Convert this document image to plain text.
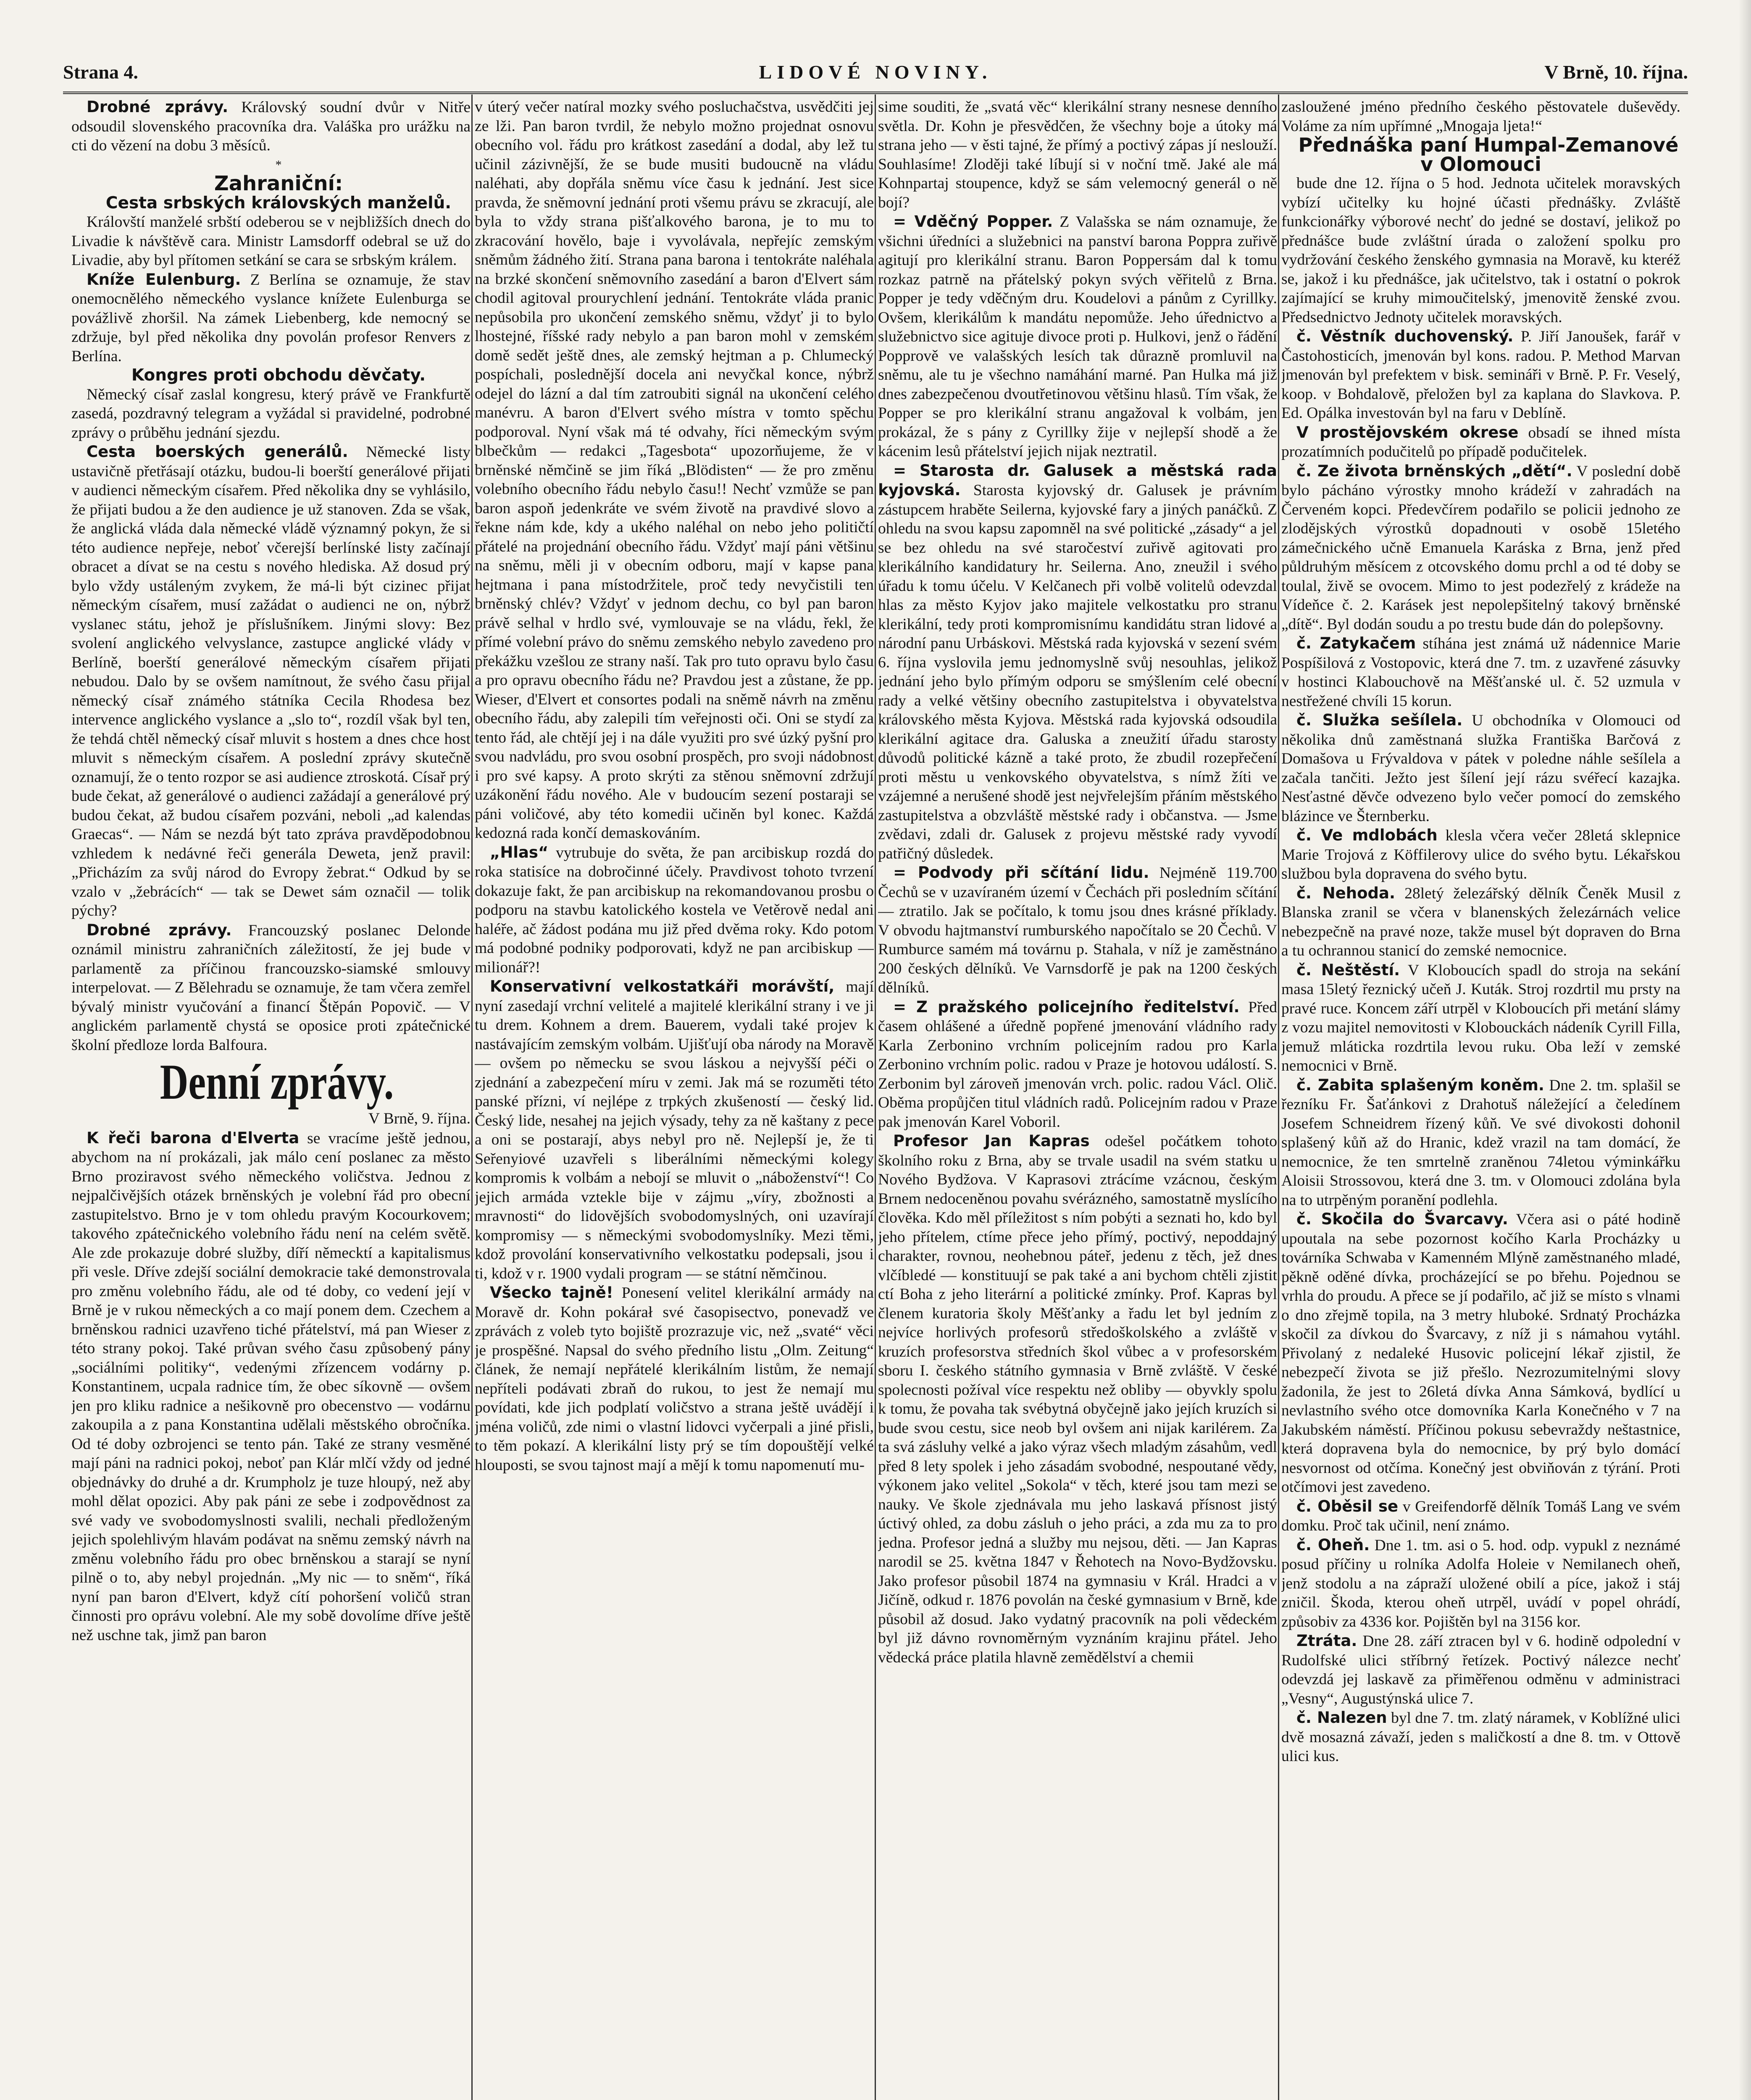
Strana 4.	LIDOVÉ NOVINY.	V Brně, 10. října.

Drobné zprávy. Královský soudní dvůr v Nitře odsoudil slovenského pracovníka dra. Valáška pro urážku na cti do vězení na dobu 3 měsíců.

*

Zahraniční:

Cesta srbských královských manželů.

Královští manželé srbští odeberou se v nejbližších dnech do Livadie k návštěvě cara. Ministr Lamsdorff odebral se už do Livadie, aby byl přítomen setkání se cara se srbským králem.

Kníže Eulenburg. Z Berlína se oznamuje, že stav onemocnělého německého vyslance knížete Eulenburga se povážlivě zhoršil. Na zámek Liebenberg, kde nemocný se zdržuje, byl před několika dny povolán profesor Renvers z Berlína.

Kongres proti obchodu děvčaty.

Německý císař zaslal kongresu, který právě ve Frankfurtě zasedá, pozdravný telegram a vyžádal si pravidelné, podrobné zprávy o průběhu jednání sjezdu.

Cesta boerských generálů. Německé listy ustavičně přetřásají otázku, budou-li boerští generálové přijati v audienci německým císařem. Před několika dny se vyhlásilo, že přijati budou a že den audience je už stanoven. Zda se však, že anglická vláda dala německé vládě významný pokyn, že si této audience nepřeje, neboť včerejší berlínské listy začínají obracet a dívat se na cestu s nového hlediska. Až dosud prý bylo vždy ustáleným zvykem, že má-li být cizinec přijat německým císařem, musí zažádat o audienci ne on, nýbrž vyslanec státu, jehož je příslušníkem. Jinými slovy: Bez svolení anglického velvyslance, zastupce anglické vlády v Berlíně, boerští generálové německým císařem přijati nebudou. Dalo by se ovšem namítnout, že svého času přijal německý císař známého státníka Cecila Rhodesa bez intervence anglického vyslance a „slo to“, rozdíl však byl ten, že tehdá chtěl německý císař mluvit s hostem a dnes chce host mluvit s německým císařem. A poslední zprávy skutečně oznamují, že o tento rozpor se asi audience ztroskotá. Císař prý bude čekat, až generálové o audienci zažádají a generálové prý budou čekat, až budou císařem pozváni, neboli „ad kalendas Graecas“. — Nám se nezdá být tato zpráva pravděpodobnou vzhledem k nedávné řeči generála Deweta, jenž pravil: „Přicházím za svůj národ do Evropy žebrat.“ Odkud by se vzalo v „žebrácích“ — tak se Dewet sám označil — tolik pýchy?

Drobné zprávy. Francouzský poslanec Delonde oznámil ministru zahraničních záležitostí, že jej bude v parlamentě za příčinou francouzsko-siamské smlouvy interpelovat. — Z Bělehradu se oznamuje, že tam včera zemřel bývalý ministr vyučování a financí Štěpán Popovič. — V anglickém parlamentě chystá se oposice proti zpátečnické školní předloze lorda Balfoura.

Denní zprávy.

V Brně, 9. října.

K řeči barona d'Elverta se vracíme ještě jednou, abychom na ní prokázali, jak málo cení poslanec za město Brno proziravost svého německého voličstva. Jednou z nejpalčivějších otázek brněnských je volební řád pro obecní zastupitelstvo. Brno je v tom ohledu pravým Kocourkovem; takového zpátečnického volebního řádu není na celém světě. Ale zde prokazuje dobré služby, díří německtí a kapitalismus při vesle. Dříve zdejší sociální demokracie také demonstrovala pro změnu volebního řádu, ale od té doby, co vedení její v Brně je v rukou německých a co mají ponem dem. Czechem a brněnskou radnici uzavřeno tiché přátelství, má pan Wieser z této strany pokoj. Také průvan svého času způsobený pány „sociálními politiky“, vedenými zřízencem vodárny p. Konstantinem, ucpala radnice tím, že obec síkovně — ovšem jen pro kliku radnice a nešikovně pro obecenstvo — vodárnu zakoupila a z pana Konstantina udělali městského obročníka. Od té doby ozbrojenci se tento pán. Také ze strany vesměné mají páni na radnici pokoj, neboť pan Klár mlčí vždy od jedné objednávky do druhé a dr. Krumpholz je tuze hloupý, než aby mohl dělat opozici. Aby pak páni ze sebe i zodpovědnost za své vady ve svobodomyslnosti svalili, nechali předloženým jejich spolehlivým hlavám podávat na sněmu zemský návrh na změnu volebního řádu pro obec brněnskou a starají se nyní pilně o to, aby nebyl projednán. „My nic — to sněm“, říká nyní pan baron d'Elvert, když cítí pohoršení voličů stran činnosti pro oprávu volební. Ale my sobě dovolíme dříve ještě než uschne tak, jimž pan baron

v úterý večer natíral mozky svého posluchačstva, usvědčiti jej ze lži. Pan baron tvrdil, že nebylo možno projednat osnovu obecního vol. řádu pro krátkost zasedání a dodal, aby lež tu učinil zázivnější, že se bude musiti budoucně na vládu naléhati, aby dopřála sněmu více času k jednání. Jest sice pravda, že sněmovní jednání proti všemu právu se zkracují, ale byla to vždy strana pišťalkového barona, je to mu to zkracování hovělo, baje i vyvolávala, nepřejíc zemským sněmům žádného žití. Strana pana barona i tentokráte naléhala na brzké skončení sněmovního zasedání a baron d'Elvert sám chodil agitoval prourychlení jednání. Tentokráte vláda pranic nepůsobila pro ukončení zemského sněmu, vždyť ji to bylo lhostejné, říšské rady nebylo a pan baron mohl v zemském domě sedět ještě dnes, ale zemský hejtman a p. Chlumecký pospíchali, poslednější docela ani nevyčkal konce, nýbrž odejel do lázní a dal tím zatroubiti signál na ukončení celého manévru. A baron d'Elvert svého místra v tomto spěchu podporoval. Nyní však má té odvahy, říci německým svým blbečkům — redakci „Tagesbota“ upozorňujeme, že v brněnské němčině se jim říká „Blödisten“ — že pro změnu volebního obecního řádu nebylo času!! Nechť vzmůže se pan baron aspoň jedenkráte ve svém životě na pravdivé slovo a řekne nám kde, kdy a ukého naléhal on nebo jeho političtí přátelé na projednání obecního řádu. Vždyť mají páni většinu na sněmu, měli ji v obecním odboru, mají v kapse pana hejtmana i pana místodržitele, proč tedy nevyčistili ten brněnský chlév? Vždyť v jednom dechu, co byl pan baron právě selhal v hrdlo své, vymlouvaje se na vládu, řekl, že přímé volební právo do sněmu zemského nebylo zavedeno pro překážku vzešlou ze strany naší. Tak pro tuto opravu bylo času a pro opravu obecního řádu ne? Pravdou jest a zůstane, že pp. Wieser, d'Elvert et consortes podali na sněmě návrh na změnu obecního řádu, aby zalepili tím veřejnosti oči. Oni se stydí za tento řád, ale chtějí jej i na dále využiti pro své úzký pyšní pro svou nadvládu, pro svou osobní prospěch, pro svoji nádobnost i pro své kapsy. A proto skrýti za stěnou sněmovní zdržují uzákonění řádu nového. Ale v budoucím sezení postaraji se páni voličové, aby této komedii učiněn byl konec. Každá kedozná rada končí demaskováním.

„Hlas“ vytrubuje do světa, že pan arcibiskup rozdá do roka statisíce na dobročinné účely. Pravdivost tohoto tvrzení dokazuje fakt, že pan arcibiskup na rekomandovanou prosbu o podporu na stavbu katolického kostela ve Vetěrově nedal ani haléře, ač žádost podána mu již před dvěma roky. Kdo potom má podobné podniky podporovati, když ne pan arcibiskup — milionář?!

Konservativní velkostatkáři morávští, mají nyní zasedají vrchní velitelé a majitelé klerikální strany i ve ji tu drem. Kohnem a drem. Bauerem, vydali také projev k nastávajícím zemským volbám. Ujišťují oba národy na Moravě — ovšem po německu se svou láskou a nejvyšší péči o zjednání a zabezpečení míru v zemi. Jak má se rozuměti této panské přízni, ví nejlépe z trpkých zkušeností — český lid. Český lide, nesahej na jejich výsady, tehy za ně kaštany z pece a oni se postarají, abys nebyl pro ně. Nejlepší je, že ti Seřenyiové uzavřeli s liberálními německými kolegy kompromis k volbám a nebojí se mluvit o „náboženství“! Co jejich armáda vztekle bije v zájmu „víry, zbožnosti a mravnosti“ do lidovějších svobodomyslných, oni uzavírají kompromisy — s německými svobodomyslníky. Mezi těmi, kdož provolání konservativního velkostatku podepsali, jsou i ti, kdož v r. 1900 vydali program — se státní němčinou.

Všecko tajně! Ponesení velitel klerikální armády na Moravě dr. Kohn pokárał své časopisectvo, ponevadž ve zprávách z voleb tyto bojiště prozrazuje vic, než „svaté“ věci je prospěšné. Napsal do svého předního listu „Olm. Zeitung“ článek, že nemají nepřátelé klerikálním listům, že nemají nepříteli podávati zbraň do rukou, to jest že nemají mu povídati, kde jich podplatí voličstvo a strana ještě uvádějí i jména voličů, zde nimi o vlastní lidovci vyčerpali a jiné přisli, to těm pokazí. A klerikální listy prý se tím dopouštějí velké hlouposti, se svou tajnost mají a mějí k tomu napomenutí mu-

sime souditi, že „svatá věc“ klerikální strany nesnese denního světla. Dr. Kohn je přesvědčen, že všechny boje a útoky má strana jeho — v ěsti tajné, že přímý a poctivý zápas jí neslouží. Souhlasíme! Zloději také líbují si v noční tmě. Jaké ale má Kohnpartaj stoupence, když se sám velemocný generál o ně bojí?

= Vděčný Popper. Z Valašska se nám oznamuje, že všichni úředníci a služebnici na panství barona Poppra zuřivě agitují pro klerikální stranu. Baron Poppersám dal k tomu rozkaz patrně na přátelský pokyn svých věřitelů z Brna. Popper je tedy vděčným dru. Koudelovi a pánům z Cyrillky. Ovšem, klerikálům k mandátu nepomůže. Jeho úřednictvo a služebnictvo sice agituje divoce proti p. Hulkovi, jenž o řádění Popprově ve valašských lesích tak důrazně promluvil na sněmu, ale tu je všechno namáhání marné. Pan Hulka má již dnes zabezpečenou dvoutřetinovou většinu hlasů. Tím však, že Popper se pro klerikální stranu angažoval k volbám, jen prokázal, že s pány z Cyrillky žije v nejlepší shodě a že kácenim lesů přátelství jejich nijak neztratil.

= Starosta dr. Galusek a městská rada kyjovská. Starosta kyjovský dr. Galusek je právním zástupcem hraběte Seilerna, kyjovské fary a jiných panáčků. Z ohledu na svou kapsu zapomněl na své politické „zásady“ a jel se bez ohledu na své staročeství zuřivě agitovati pro klerikálního kandidatury hr. Seilerna. Ano, zneužil i svého úřadu k tomu účelu. V Kelčanech při volbě volitelů odevzdal hlas za město Kyjov jako majitele velkostatku pro stranu klerikální, tedy proti kompromisnímu kandidátu stran lidové a národní panu Urbáskovi. Městská rada kyjovská v sezení svém 6. října vyslovila jemu jednomyslně svůj nesouhlas, jelikož jednání jeho bylo přímým odporu se smýšlením celé obecní rady a velké většiny obecního zastupitelstva i obyvatelstva královského města Kyjova. Městská rada kyjovská odsoudila klerikální agitace dra. Galuska a zneužití úřadu starosty důvodů politické kázně a také proto, že zbudil rozepřečení proti městu u venkovského obyvatelstva, s nímž žíti ve vzájemné a nerušené shodě jest nejvřelejším přáním městského zastupitelstva a obzvláště městské rady i občanstva. — Jsme zvědavi, zdali dr. Galusek z projevu městské rady vyvodí patřičný důsledek.

= Podvody při sčítání lidu. Nejméně 119.700 Čechů se v uzavíraném území v Čechách při posledním sčítání — ztratilo. Jak se počítalo, k tomu jsou dnes krásné příklady. V obvodu hajtmanství rumburského napočítalo se 20 Čechů. V Rumburce samém má továrnu p. Stahala, v níž je zaměstnáno 200 českých dělníků. Ve Varnsdorfě je pak na 1200 českých dělníků.

= Z pražského policejního ředitelství. Před časem ohlášené a úředně popřené jmenování vládního rady Karla Zerbonino vrchním policejním radou pro Karla Zerbonino vrchním polic. radou v Praze je hotovou událostí. S. Zerbonim byl zároveň jmenován vrch. polic. radou Václ. Olič. Oběma propůjčen titul vládních radů. Policejním radou v Praze pak jmenován Karel Voboril.

Profesor Jan Kapras odešel počátkem tohoto školního roku z Brna, aby se trvale usadil na svém statku u Nového Bydžova. V Kaprasovi ztrácíme vzácnou, českým Brnem nedoceněnou povahu svérázného, samostatně myslícího člověka. Kdo měl příležitost s ním pobýti a seznati ho, kdo byl jeho přítelem, ctíme přece jeho přímý, poctivý, nepoddajný charakter, rovnou, neohebnou páteř, jedenu z těch, jež dnes vlčíbledé — konstituují se pak také a ani bychom chtěli zjistit ctí Boha z jeho literární a politické zmínky. Prof. Kapras byl členem kuratoria školy Měšťanky a řadu let byl jedním z nejvíce horlivých profesorů středoškolského a zvláště v kruzích profesorstva středních škol vůbec a v profesorském sboru I. českého státního gymnasia v Brně zvláště. V české spolecnosti požíval více respektu než obliby — obyvkly spolu k tomu, že povaha tak svébytná obyčejně jako jejích kruzích si bude svou cestu, sice neob byl ovšem ani nijak karilérem. Za ta svá zásluhy velké a jako výraz všech mladým zásahům, vedl před 8 lety spolek i jeho zásadám svobodné, nespoutané vědy, výkonem jako velitel „Sokola“ v těch, které jsou tam mezi se nauky. Ve škole zjednávala mu jeho laskavá přísnost jistý úctivý ohled, za dobu zásluh o jeho práci, a zda mu za to pro jedna. Profesor jedná a služby mu nejsou, děti. — Jan Kapras narodil se 25. května 1847 v Řehotech na Novo-Bydžovsku. Jako profesor působil 1874 na gymnasiu v Král. Hradci a v Jičíně, odkud r. 1876 povolán na české gymnasium v Brně, kde působil až dosud. Jako vydatný pracovník na poli vědeckém byl již dávno rovnoměrným vyznáním krajinu přátel. Jeho vědecká práce platila hlavně zemědělství a chemii

zasloužené jméno předního českého pěstovatele duševědy. Voláme za ním upřímné „Mnogaja ljeta!“

Přednáška paní Humpal-Zemanové v Olomouci

bude dne 12. října o 5 hod. Jednota učitelek moravských vybízí učitelky ku hojné účasti přednášky. Zvláště funkcionářky výborové nechť do jedné se dostaví, jelikož po přednášce bude zvláštní úrada o založení spolku pro vydržování českého ženského gymnasia na Moravě, ku kteréž se, jakož i ku přednášce, jak učitelstvo, tak i ostatní o pokrok zajímající se kruhy mimoučitelský, jmenovitě ženské zvou. Předsednictvo Jednoty učitelek moravských.

č. Věstník duchovenský. P. Jiří Janoušek, farář v Častohosticích, jmenován byl kons. radou. P. Method Marvan jmenován byl prefektem v bisk. semináři v Brně. P. Fr. Veselý, koop. v Bohdalově, přeložen byl za kaplana do Slavkova. P. Ed. Opálka investován byl na faru v Deblíně.

V prostějovském okrese obsadí se ihned místa prozatímních podučitelů po případě podučitelek.

č. Ze života brněnských „dětí“. V poslední době bylo pácháno výrostky mnoho krádeží v zahradách na Červeném kopci. Předevčírem podařilo se policii jednoho ze zlodějských výrostků dopadnouti v osobě 15letého zámečnického učně Emanuela Karáska z Brna, jenž před půldruhým měsícem z otcovského domu prchl a od té doby se toulal, živě se ovocem. Mimo to jest podezřelý z krádeže na Vídeňce č. 2. Karásek jest nepolepšitelný takový brněnské „dítě“. Byl dodán soudu a po trestu bude dán do polepšovny.

č. Zatykačem stíhána jest známá už nádennice Marie Pospíšilová z Vostopovic, která dne 7. tm. z uzavřené zásuvky v hostinci Klabouchově na Měšťanské ul. č. 52 uzmula v nestřežené chvíli 15 korun.

č. Služka sešílela. U obchodníka v Olomouci od několika dnů zaměstnaná služka Františka Barčová z Domašova u Frývaldova v pátek v poledne náhle sešílela a začala tančiti. Ježto jest šílení její rázu svéřecí kazajka. Nesťastné děvče odvezeno bylo večer pomocí do zemského blázince ve Šternberku.

č. Ve mdlobách klesla včera večer 28letá sklepnice Marie Trojová z Köffilerovy ulice do svého bytu. Lékařskou službou byla dopravena do svého bytu.

č. Nehoda. 28letý železářský dělník Čeněk Musil z Blanska zranil se včera v blanenských železárnách velice nebezpečně na pravé noze, takže musel být dopraven do Brna a tu ochrannou stanicí do zemské nemocnice.

č. Neštěstí. V Kloboucích spadl do stroja na sekání masa 15letý řeznický učeň J. Kuták. Stroj rozdrtil mu prsty na pravé ruce. Koncem září utrpěl v Kloboucích při metání slámy z vozu majitel nemovitosti v Klobouckách nádeník Cyrill Filla, jemuž mláticka rozdrtila levou ruku. Oba leží v zemské nemocnici v Brně.

č. Zabita splašeným koněm. Dne 2. tm. splašil se řezníku Fr. Šaťánkovi z Drahotuš náležející a čeledínem Josefem Schneidrem řízený kůň. Ve své divokosti dohonil splašený kůň až do Hranic, kdež vrazil na tam domácí, že nemocnice, že ten smrtelně zraněnou 74letou výminkářku Aloisii Strossovou, která dne 3. tm. v Olomouci zdolána byla na to utrpěným poranění podlehla.

č. Skočila do Švarcavy. Včera asi o páté hodině upoutala na sebe pozornost kočího Karla Procházky u továrníka Schwaba v Kamenném Mlýně zaměstnaného mladé, pěkně oděné dívka, procházející se po břehu. Pojednou se vrhla do proudu. A přece se jí podařilo, ač již se místo s vlnami o dno zřejmě topila, na 3 metry hluboké. Srdnatý Procházka skočil za dívkou do Švarcavy, z níž ji s námahou vytáhl. Přivolaný z nedaleké Husovic policejní lékař zjistil, že nebezpečí života se již přešlo. Nezrozumitelnými slovy žadonila, že jest to 26letá dívka Anna Sámková, bydlící u nevlastního svého otce domovníka Karla Konečného v 7 na Jakubském náměstí. Příčinou pokusu sebevraždy neštastnice, která dopravena byla do nemocnice, by prý bylo domácí nesvornost od otčíma. Konečný jest obviňován z týrání. Proti otčímovi jest zavedeno.

č. Oběsil se v Greifendorfě dělník Tomáš Lang ve svém domku. Proč tak učinil, není známo.

č. Oheň. Dne 1. tm. asi o 5. hod. odp. vypukl z neznámé posud příčiny u rolníka Adolfa Holeie v Nemilanech oheň, jenž stodolu a na zápraží uložené obilí a píce, jakož i stáj zničil. Škoda, kterou oheň utrpěl, uvádí v popel ohrádí, způsobiv za 4336 kor. Pojištěn byl na 3156 kor.

Ztráta. Dne 28. září ztracen byl v 6. hodině odpolední v Rudolfské ulici stříbrný řetízek. Poctivý nálezce nechť odevzdá jej laskavě za přiměřenou odměnu v administraci „Vesny“, Augustýnská ulice 7.

č. Nalezen byl dne 7. tm. zlatý náramek, v Koblížné ulici dvě mosazná závaží, jeden s maličkostí a dne 8. tm. v Ottově ulici kus.
